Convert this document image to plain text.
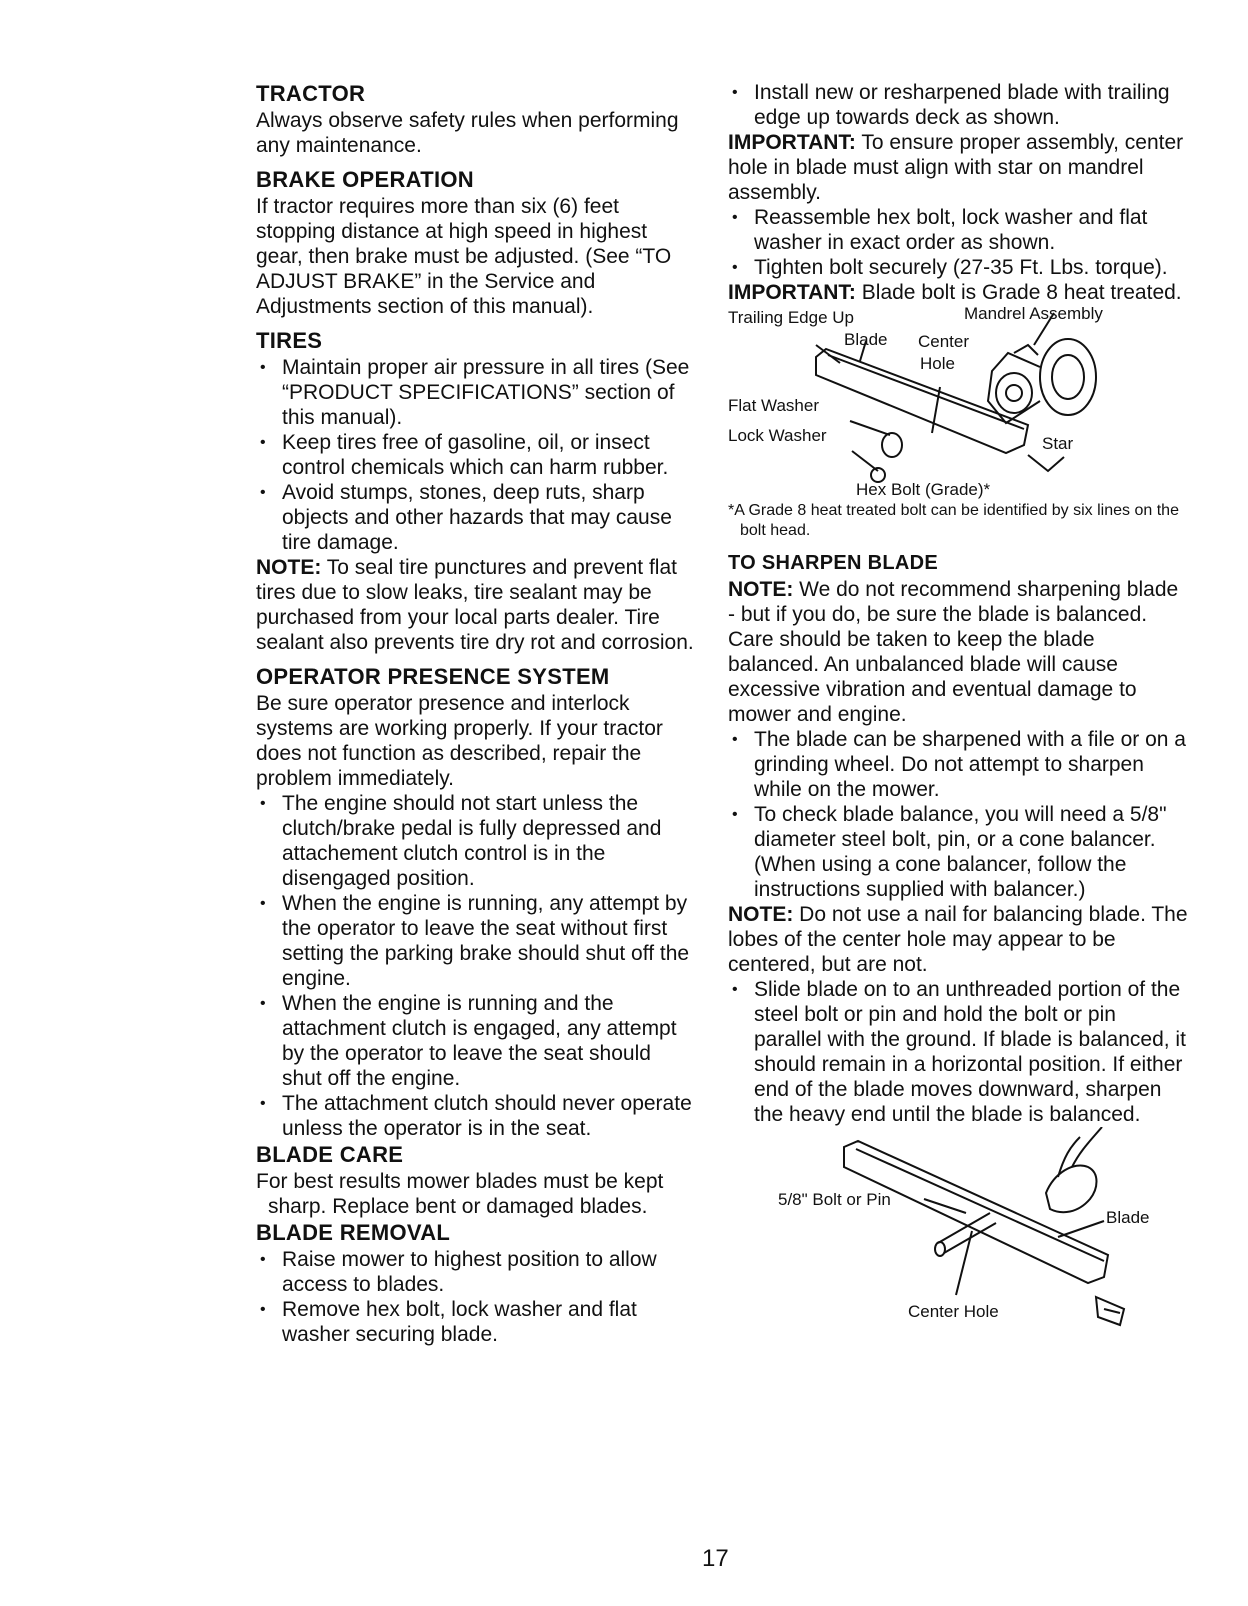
TRACTOR

Always observe safety rules when performing any maintenance.

BRAKE OPERATION

If tractor requires more than six (6) feet stopping distance at high speed in highest gear, then brake must be adjusted. (See “TO ADJUST BRAKE” in the Service and Adjustments section of this manual).

TIRES
• Maintain proper air pressure in all tires (See “PRODUCT SPECIFICATIONS” section of this manual).
• Keep tires free of gasoline, oil, or insect control chemicals which can harm rubber.
• Avoid stumps, stones, deep ruts, sharp objects and other hazards that may cause tire damage.

NOTE: To seal tire punctures and prevent flat tires due to slow leaks, tire sealant may be purchased from your local parts dealer. Tire sealant also prevents tire dry rot and corrosion.

OPERATOR PRESENCE SYSTEM

Be sure operator presence and interlock systems are working properly. If your tractor does not function as described, repair the problem immediately.

• The engine should not start unless the clutch/brake pedal is fully depressed and attachement clutch control is in the disengaged position.
• When the engine is running, any attempt by the operator to leave the seat without first setting the parking brake should shut off the engine.
• When the engine is running and the attachment clutch is engaged, any attempt by the operator to leave the seat should shut off the engine.
• The attachment clutch should never operate unless the operator is in the seat.
BLADE CARE

For best results mower blades must be kept sharp. Replace bent or damaged blades.

BLADE REMOVAL
• Raise mower to highest position to allow access to blades.
• Remove hex bolt, lock washer and flat washer securing blade.
• Install new or resharpened blade with trailing edge up towards deck as shown.

IMPORTANT: To ensure proper assembly, center hole in blade must align with star on mandrel assembly.

• Reassemble hex bolt, lock washer and flat washer in exact order as shown.
• Tighten bolt securely (27-35 Ft. Lbs. torque).

IMPORTANT: Blade bolt is Grade 8 heat treated.

Trailing Edge Up	Mandrel Assembly
Blade Center
Hole
Flat Washer
Lock Washer	Star
Hex Bolt (Grade)*

*A Grade 8 heat treated bolt can be identified by six lines on the bolt head.

TO SHARPEN BLADE

NOTE: We do not recommend sharpening blade - but if you do, be sure the blade is balanced.

Care should be taken to keep the blade balanced. An unbalanced blade will cause excessive vibration and eventual damage to mower and engine.

• The blade can be sharpened with a file or on a grinding wheel. Do not attempt to sharpen while on the mower.
• To check blade balance, you will need a 5/8" diameter steel bolt, pin, or a cone balancer. (When using a cone balancer, follow the instructions supplied with balancer.)

NOTE: Do not use a nail for balancing blade. The lobes of the center hole may appear to be centered, but are not.

• Slide blade on to an unthreaded portion of the steel bolt or pin and hold the bolt or pin parallel with the ground. If blade is balanced, it should remain in a horizontal position. If either end of the blade moves downward, sharpen the heavy end until the blade is balanced.
5/8" Bolt or Pin
Blade
Center Hole
17
